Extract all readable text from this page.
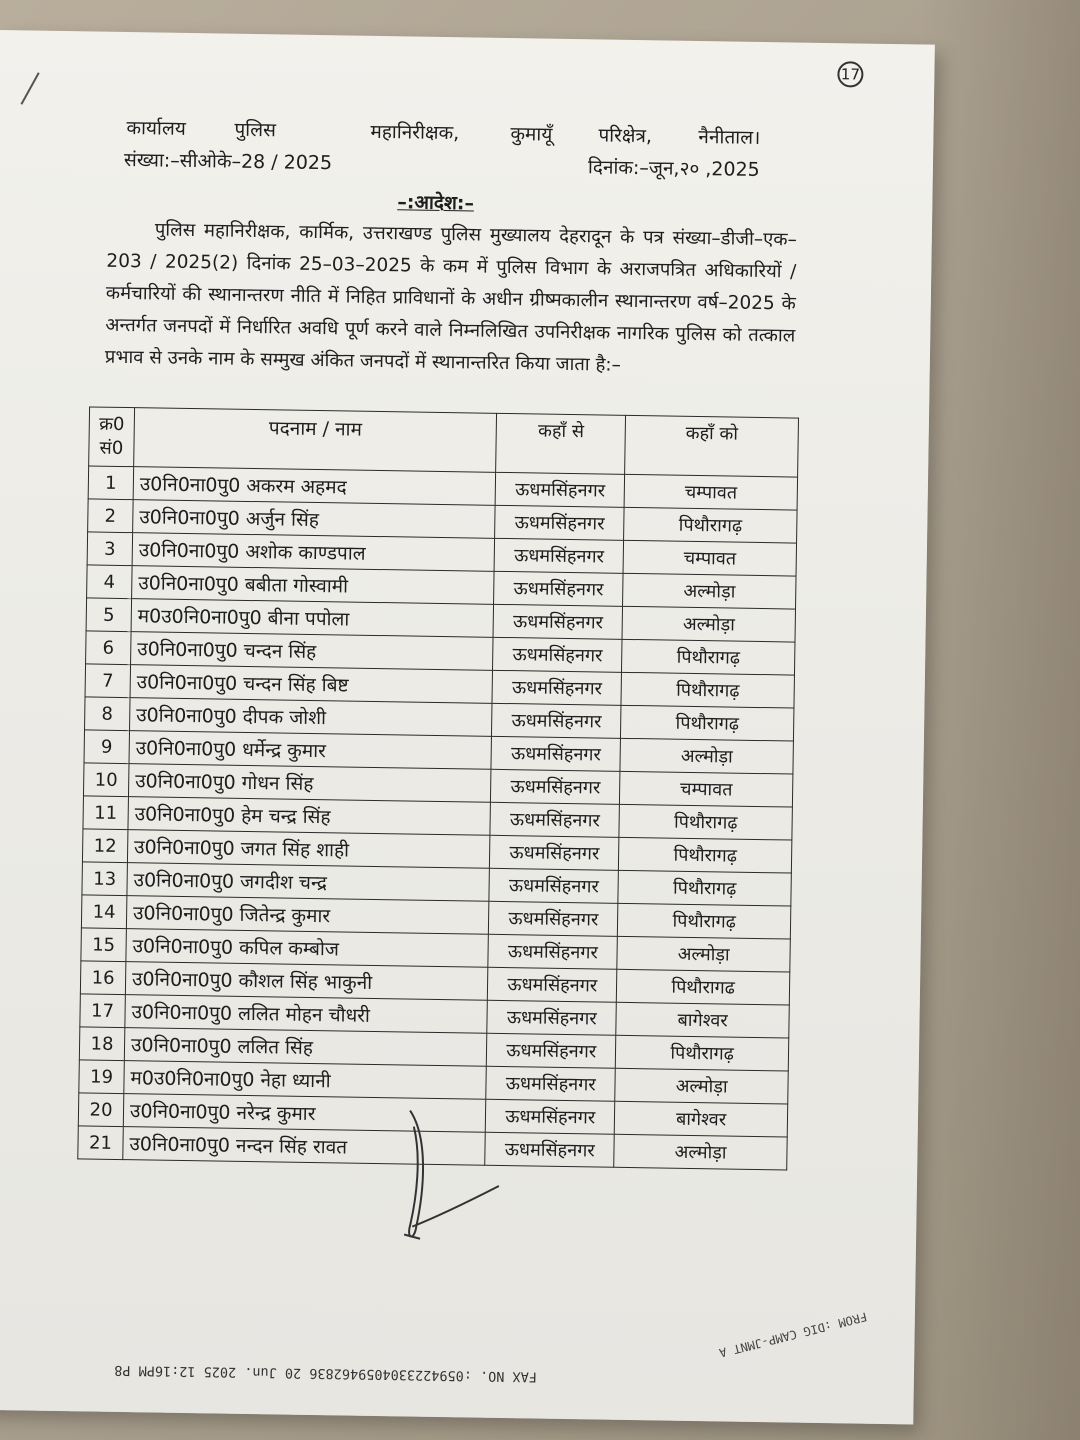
17
कार्यालय	पुलिस	महानिरीक्षक,	कुमायूँ परिक्षेत्र, नैनीताल।
संख्या:–सीओके–28 / 2025	दिनांक:–जून,२० ,2025
–:आदेश:–
पुलिस महानिरीक्षक, कार्मिक, उत्तराखण्ड पुलिस मुख्यालय देहरादून के पत्र संख्या–डीजी–एक–203 / 2025(2) दिनांक 25–03–2025 के कम में पुलिस विभाग के अराजपत्रित अधिकारियों / कर्मचारियों की स्थानान्तरण नीति में निहित प्राविधानों के अधीन ग्रीष्मकालीन स्थानान्तरण वर्ष–2025 के अन्तर्गत जनपदों में निर्धारित अवधि पूर्ण करने वाले निम्नलिखित उपनिरीक्षक नागरिक पुलिस को तत्काल प्रभाव से उनके नाम के सम्मुख अंकित जनपदों में स्थानान्तरित किया जाता है:–
क्र0
सं0	पदनाम / नाम	कहाँ से	कहाँ को
1	उ0नि0ना0पु0 अकरम अहमद	ऊधमसिंहनगर	चम्पावत
2	उ0नि0ना0पु0 अर्जुन सिंह	ऊधमसिंहनगर	पिथौरागढ़
3	उ0नि0ना0पु0 अशोक काण्डपाल	ऊधमसिंहनगर	चम्पावत
4	उ0नि0ना0पु0 बबीता गोस्वामी	ऊधमसिंहनगर	अल्मोड़ा
5	म0उ0नि0ना0पु0 बीना पपोला	ऊधमसिंहनगर	अल्मोड़ा
6	उ0नि0ना0पु0 चन्दन सिंह	ऊधमसिंहनगर	पिथौरागढ़
7	उ0नि0ना0पु0 चन्दन सिंह बिष्ट	ऊधमसिंहनगर	पिथौरागढ़
8	उ0नि0ना0पु0 दीपक जोशी	ऊधमसिंहनगर	पिथौरागढ़
9	उ0नि0ना0पु0 धर्मेन्द्र कुमार	ऊधमसिंहनगर	अल्मोड़ा
10	उ0नि0ना0पु0 गोधन सिंह	ऊधमसिंहनगर	चम्पावत
11	उ0नि0ना0पु0 हेम चन्द्र सिंह	ऊधमसिंहनगर	पिथौरागढ़
12	उ0नि0ना0पु0 जगत सिंह शाही	ऊधमसिंहनगर	पिथौरागढ़
13	उ0नि0ना0पु0 जगदीश चन्द्र	ऊधमसिंहनगर	पिथौरागढ़
14	उ0नि0ना0पु0 जितेन्द्र कुमार	ऊधमसिंहनगर	पिथौरागढ़
15	उ0नि0ना0पु0 कपिल कम्बोज	ऊधमसिंहनगर	अल्मोड़ा
16	उ0नि0ना0पु0 कौशल सिंह भाकुनी	ऊधमसिंहनगर	पिथौरागढ
17	उ0नि0ना0पु0 ललित मोहन चौधरी	ऊधमसिंहनगर	बागेश्वर
18	उ0नि0ना0पु0 ललित सिंह	ऊधमसिंहनगर	पिथौरागढ़
19	म0उ0नि0ना0पु0 नेहा ध्यानी	ऊधमसिंहनगर	अल्मोड़ा
20	उ0नि0ना0पु0 नरेन्द्र कुमार	ऊधमसिंहनगर	बागेश्वर
21	उ0नि0ना0पु0 नन्दन सिंह रावत	ऊधमसिंहनगर	अल्मोड़ा
FAX NO. :0594223304059462836 20 Jun. 2025 12:16PM P8
FROM :DIG CAMP-JMNT A
